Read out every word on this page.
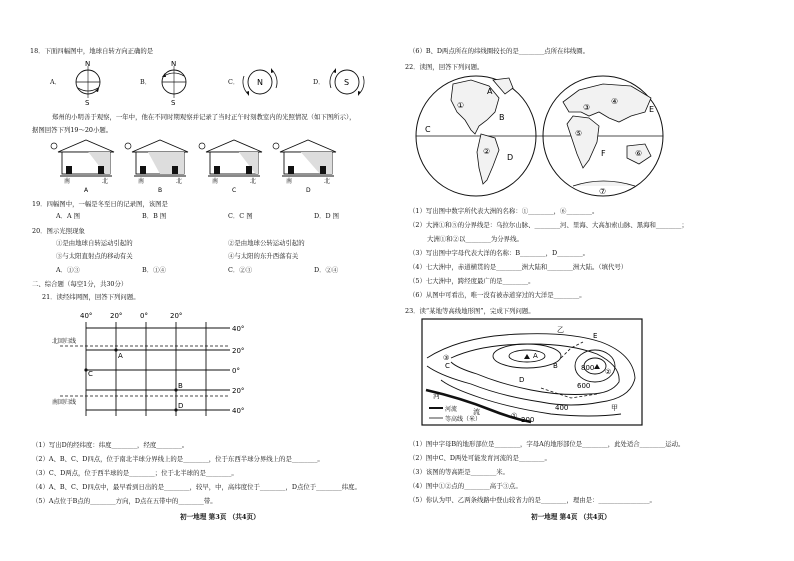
18．下面四幅图中，地球自转方向正确的是
A．
N
S
B．
N
S
C． N	D． S
郑州的小明善于观察，一年中，他在不同时期观察并记录了当时正午时刻教室内的光照情况（如下图所示），
据图回答下列19～20小题。
南	北
A
南	北
B
南	北
C
南	北
D
19．四幅图中，一幅是冬至日的记录图，该图是
A．A 图	B．B 图	C．C 图	D．D 图
20．图示光照现象
①是由地球自转运动引起的	②是由地球公转运动引起的
③与太阳直射点的移动有关	④与太阳的东升西落有关
A．①③	B．①④	C．②③	D．②④
二、综合题（每空1分，共30分）
21．读经纬网图，回答下列问题。
40°	20°	0°	20°
40°
20°
0°
20°
40°
北回归线
南回归线
A
B
C
D
（1）写出D的经纬度：纬度________，经度________。
（2）A、B、C、D四点，位于南北半球分界线上的是________，位于东西半球分界线上的是________。
（3）C、D两点，位于西半球的是________；位于北半球的是________。
（4）A、B、C、D四点中，最早看到日出的是________，较早，中，高纬度位于________，D点位于________纬度。
（5）A点位于B点的________方向，D点在五带中的________带。
初一地理 第3页 （共4页）
（6）B、D两点所在的纬线圈较长的是________点所在纬线圈。
22．读图，回答下列问题。
①
A
B
C
②
D
③
④
E
⑤
⑥
F
⑦
（1）写出图中数字所代表大洲的名称：①________，⑥________。
（2）大洲①和⑤的分界线是：乌拉尔山脉、________河、里海、大高加索山脉、黑海和________；
大洲①和②以________为分界线。
（3）写出图中字母代表大洋的名称：B________，D________。
（4）七大洲中，赤道横贯的是________洲大陆和________洲大陆。（填代号）
（5）七大洲中，跨经度最广的是________。
（6）从图中可看出，唯一没有被赤道穿过的大洋是________。
23．读“某地等高线地形图”，完成下列问题。
乙
E
C
D
甲
800
600
400
200
河
流	①
②
③	A
B
河流
等高线（米）
（1）图中字母B的地形部位是________，字母A的地形部位是________，此处适合________运动。
（2）图中C、D两处可能发育河流的是________。
（3）该图的等高距是________米。
（4）图中①②点的________高于③点。
（5）你认为甲、乙两条线路中登山较省力的是________，理由是：________________。
初一地理 第4页 （共4页）
